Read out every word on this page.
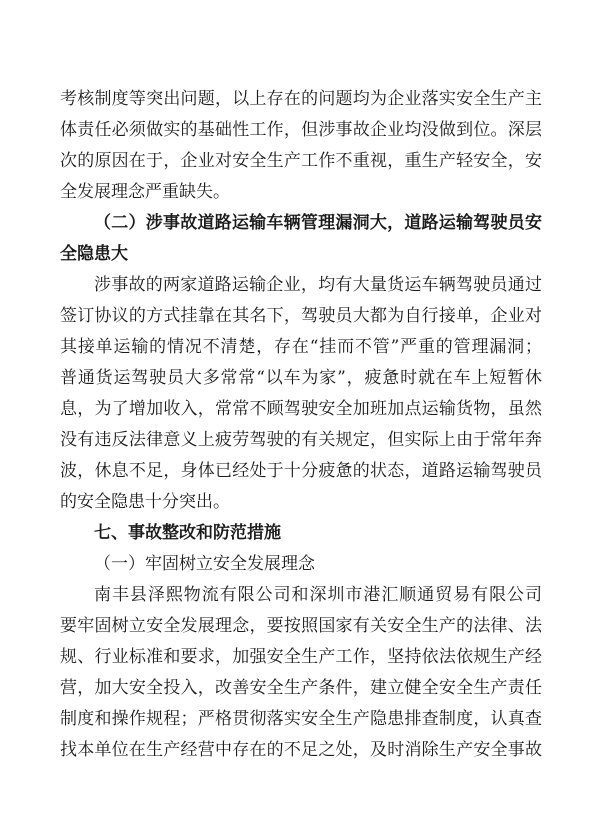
考核制度等突出问题，以上存在的问题均为企业落实安全生产主
体责任必须做实的基础性工作，但涉事故企业均没做到位。深层
次的原因在于，企业对安全生产工作不重视，重生产轻安全，安
全发展理念严重缺失。
（二）涉事故道路运输车辆管理漏洞大，道路运输驾驶员安
全隐患大
涉事故的两家道路运输企业，均有大量货运车辆驾驶员通过
签订协议的方式挂靠在其名下，驾驶员大都为自行接单，企业对
其接单运输的情况不清楚，存在“挂而不管”严重的管理漏洞；
普通货运驾驶员大多常常“以车为家”，疲惫时就在车上短暂休
息，为了增加收入，常常不顾驾驶安全加班加点运输货物，虽然
没有违反法律意义上疲劳驾驶的有关规定，但实际上由于常年奔
波，休息不足，身体已经处于十分疲惫的状态，道路运输驾驶员
的安全隐患十分突出。
七、事故整改和防范措施
（一）牢固树立安全发展理念
南丰县泽熙物流有限公司和深圳市港汇顺通贸易有限公司
要牢固树立安全发展理念，要按照国家有关安全生产的法律、法
规、行业标准和要求，加强安全生产工作，坚持依法依规生产经
营，加大安全投入，改善安全生产条件，建立健全安全生产责任
制度和操作规程；严格贯彻落实安全生产隐患排查制度，认真查
找本单位在生产经营中存在的不足之处，及时消除生产安全事故
